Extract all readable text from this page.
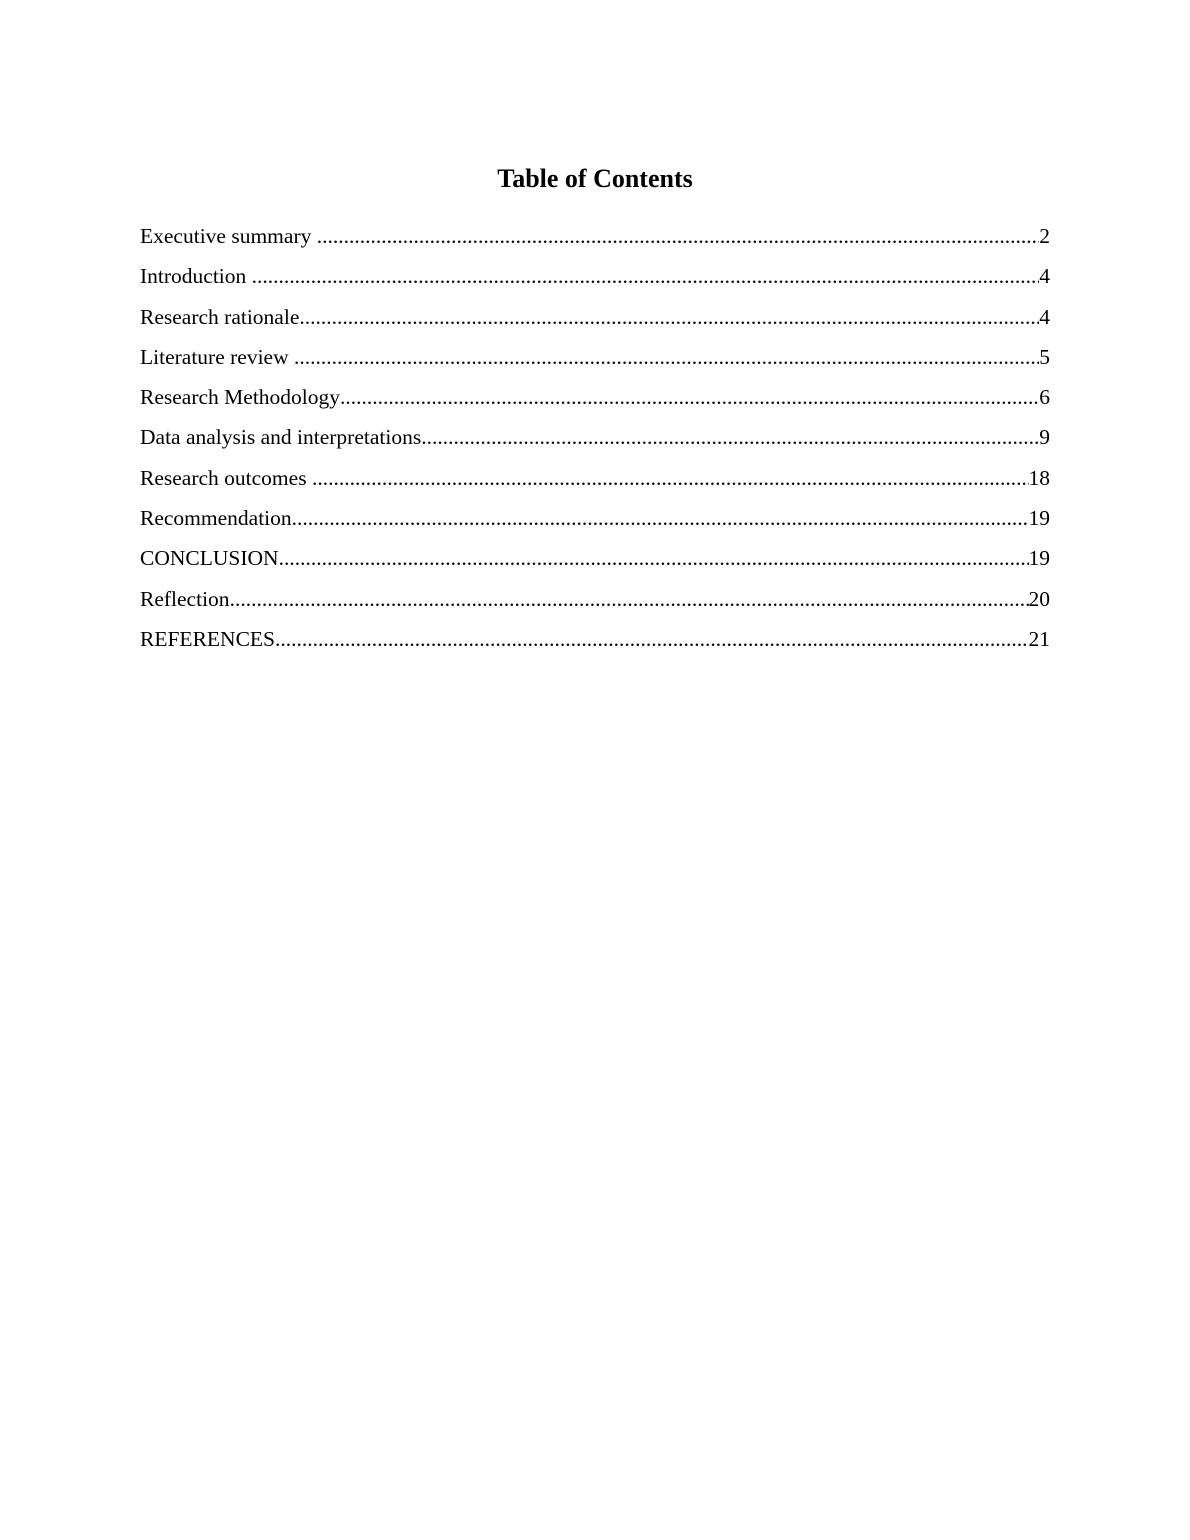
Table of Contents
Executive summary .....	2
Introduction .....	4
Research rationale .....	4
Literature review .....	5
Research Methodology .....	6
Data analysis and interpretations .....	9
Research outcomes .....	18
Recommendation .....	19
CONCLUSION .....	19
Reflection .....	20
REFERENCES .....	21
